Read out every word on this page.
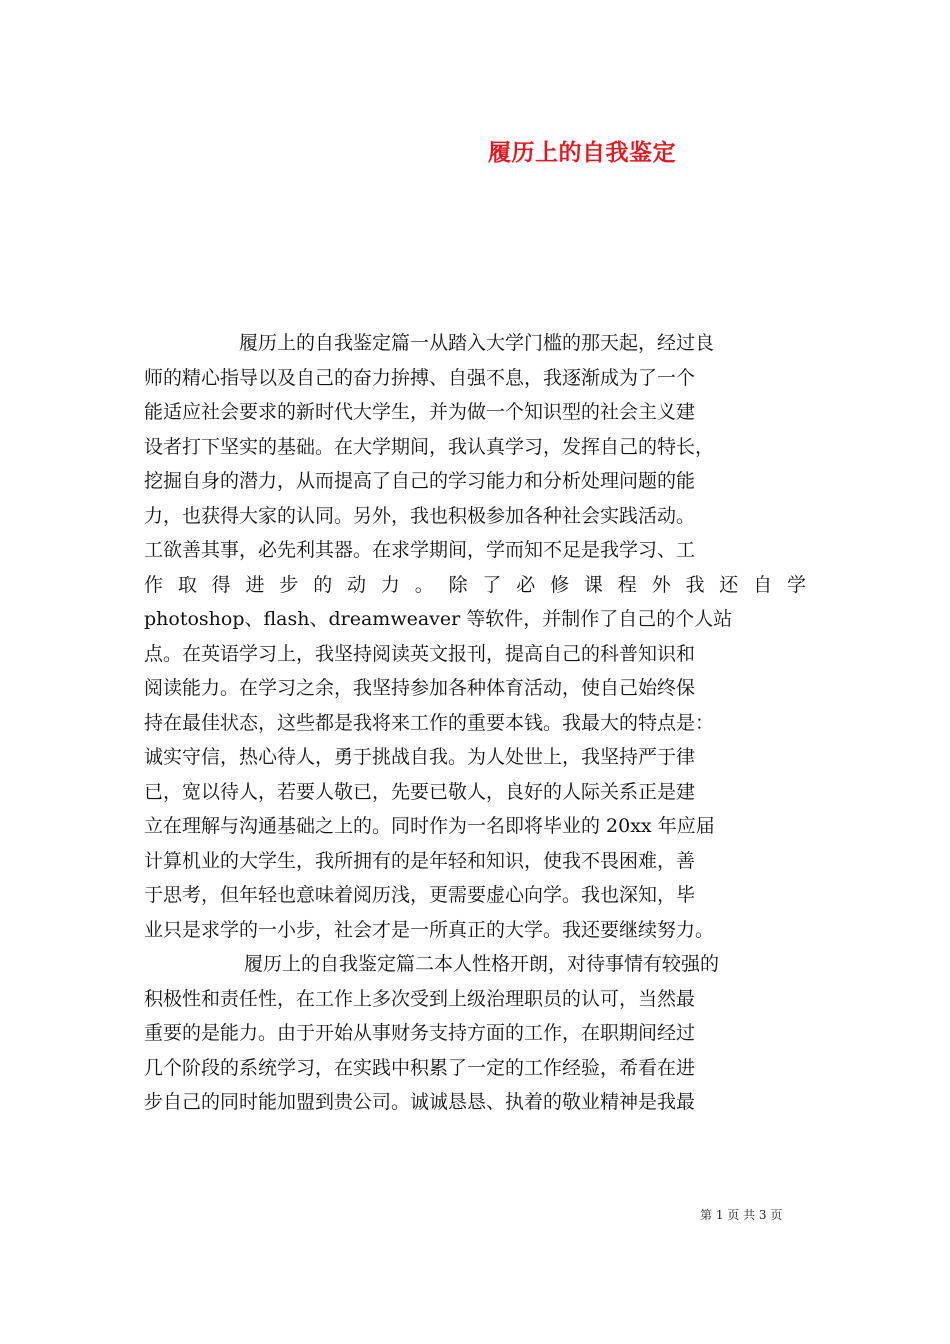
履历上的自我鉴定
履历上的自我鉴定篇一从踏入大学门槛的那天起，经过良
师的精心指导以及自己的奋力拚搏、自强不息，我逐渐成为了一个
能适应社会要求的新时代大学生，并为做一个知识型的社会主义建
设者打下坚实的基础。在大学期间，我认真学习，发挥自己的特长，
挖掘自身的潜力，从而提高了自己的学习能力和分析处理问题的能
力，也获得大家的认同。另外，我也积极参加各种社会实践活动。
工欲善其事，必先利其器。在求学期间，学而知不足是我学习、工
作取得进步的动力。除了必修课程外我还自学
photoshop、flash、dreamweaver 等软件，并制作了自己的个人站
点。在英语学习上，我坚持阅读英文报刊，提高自己的科普知识和
阅读能力。在学习之余，我坚持参加各种体育活动，使自己始终保
持在最佳状态，这些都是我将来工作的重要本钱。我最大的特点是：
诚实守信，热心待人，勇于挑战自我。为人处世上，我坚持严于律
已，宽以待人，若要人敬已，先要已敬人，良好的人际关系正是建
立在理解与沟通基础之上的。同时作为一名即将毕业的 20xx 年应届
计算机业的大学生，我所拥有的是年轻和知识，使我不畏困难，善
于思考，但年轻也意味着阅历浅，更需要虚心向学。我也深知，毕
业只是求学的一小步，社会才是一所真正的大学。我还要继续努力。
履历上的自我鉴定篇二本人性格开朗，对待事情有较强的
积极性和责任性，在工作上多次受到上级治理职员的认可，当然最
重要的是能力。由于开始从事财务支持方面的工作，在职期间经过
几个阶段的系统学习，在实践中积累了一定的工作经验，希看在进
步自己的同时能加盟到贵公司。诚诚恳恳、执着的敬业精神是我最
第 1 页 共 3 页
